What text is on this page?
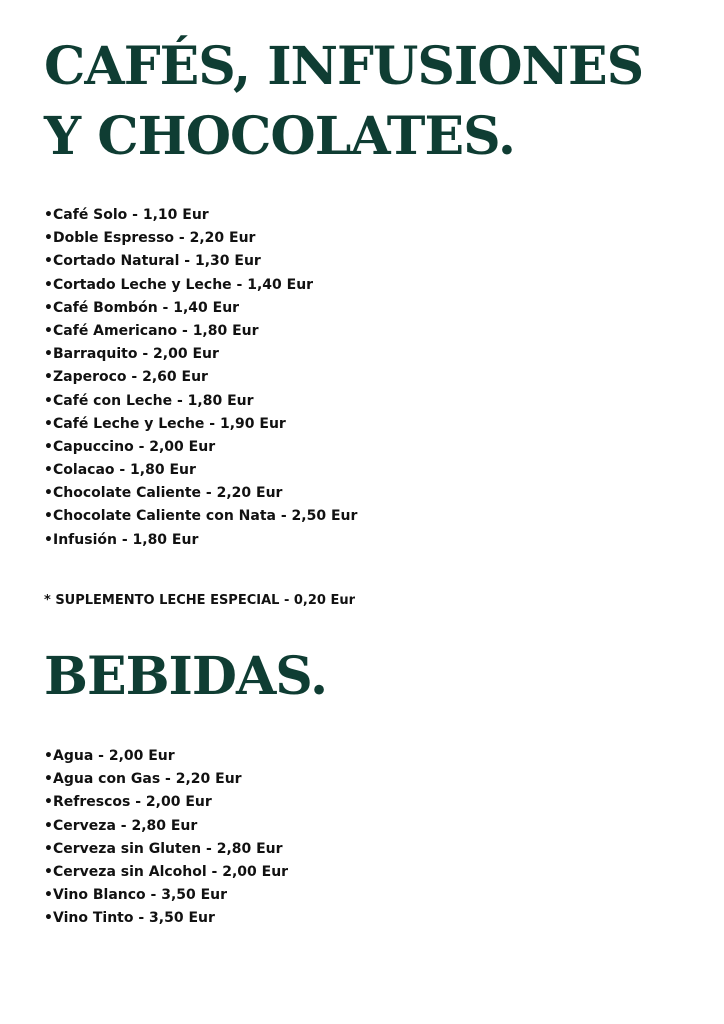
CAFÉS, INFUSIONES
Y CHOCOLATES.
•Café Solo - 1,10 Eur
•Doble Espresso - 2,20 Eur
•Cortado Natural - 1,30 Eur
•Cortado Leche y Leche - 1,40 Eur
•Café Bombón - 1,40 Eur
•Café Americano - 1,80 Eur
•Barraquito - 2,00 Eur
•Zaperoco - 2,60 Eur
•Café con Leche - 1,80 Eur
•Café Leche y Leche - 1,90 Eur
•Capuccino - 2,00 Eur
•Colacao - 1,80 Eur
•Chocolate Caliente - 2,20 Eur
•Chocolate Caliente con Nata - 2,50 Eur
•Infusión - 1,80 Eur

* SUPLEMENTO LECHE ESPECIAL - 0,20 Eur

BEBIDAS.
•Agua - 2,00 Eur
•Agua con Gas - 2,20 Eur
•Refrescos - 2,00 Eur
•Cerveza - 2,80 Eur
•Cerveza sin Gluten - 2,80 Eur
•Cerveza sin Alcohol - 2,00 Eur
•Vino Blanco - 3,50 Eur
•Vino Tinto - 3,50 Eur
